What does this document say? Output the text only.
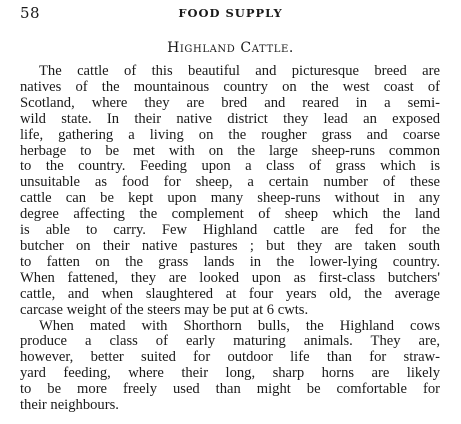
58	FOOD SUPPLY
Highland Cattle.

The cattle of this beautiful and picturesque breed are
natives of the mountainous country on the west coast of
Scotland, where they are bred and reared in a semi-
wild state. In their native district they lead an exposed
life, gathering a living on the rougher grass and coarse
herbage to be met with on the large sheep-runs common
to the country. Feeding upon a class of grass which is
unsuitable as food for sheep, a certain number of these
cattle can be kept upon many sheep-runs without in any
degree affecting the complement of sheep which the land
is able to carry. Few Highland cattle are fed for the
butcher on their native pastures ; but they are taken south
to fatten on the grass lands in the lower-lying country.
When fattened, they are looked upon as first-class butchers'
cattle, and when slaughtered at four years old, the average
carcase weight of the steers may be put at 6 cwts.

When mated with Shorthorn bulls, the Highland cows
produce a class of early maturing animals. They are,
however, better suited for outdoor life than for straw-
yard feeding, where their long, sharp horns are likely
to be more freely used than might be comfortable for
their neighbours.
